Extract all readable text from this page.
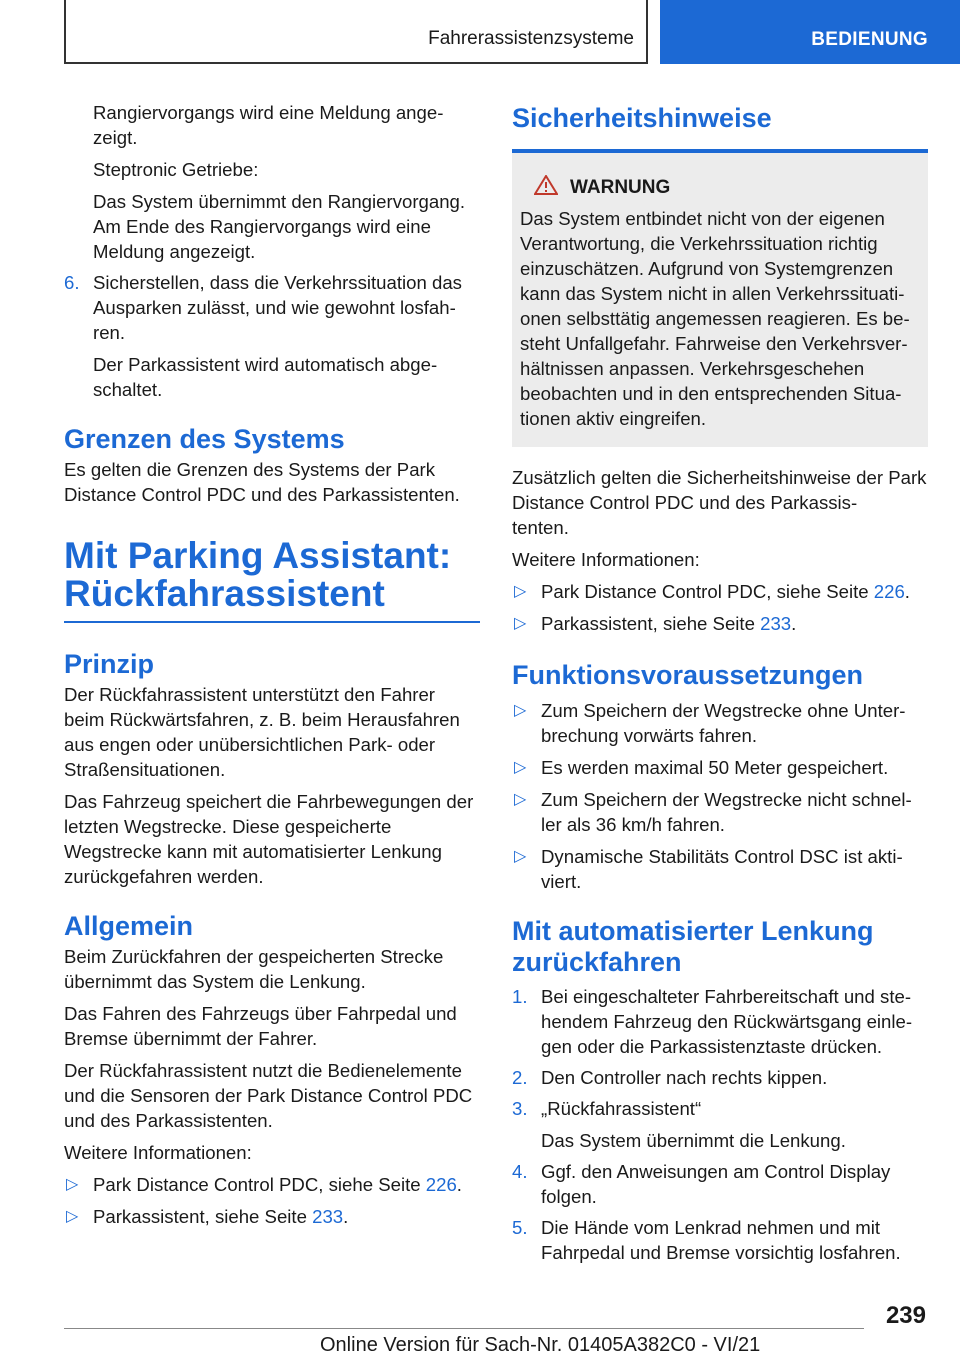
Fahrerassistenzsysteme	BEDIENUNG

Rangiervorgangs wird eine Meldung ange-
zeigt.

Steptronic Getriebe:

Das System übernimmt den Rangiervorgang. Am Ende des Rangiervorgangs wird eine Meldung angezeigt.

6. Sicherstellen, dass die Verkehrssituation das Ausparken zulässt, und wie gewohnt losfah-
ren.

Der Parkassistent wird automatisch abge-
schaltet.

Grenzen des Systems

Es gelten die Grenzen des Systems der Park Distance Control PDC und des Parkassistenten.

Mit Parking Assistant: Rückfahrassistent
Prinzip

Der Rückfahrassistent unterstützt den Fahrer beim Rückwärtsfahren, z. B. beim Herausfahren aus engen oder unübersichtlichen Park- oder Straßensituationen.

Das Fahrzeug speichert die Fahrbewegungen der letzten Wegstrecke. Diese gespeicherte Wegstrecke kann mit automatisierter Lenkung zurückgefahren werden.

Allgemein

Beim Zurückfahren der gespeicherten Strecke übernimmt das System die Lenkung.

Das Fahren des Fahrzeugs über Fahrpedal und Bremse übernimmt der Fahrer.

Der Rückfahrassistent nutzt die Bedienelemente und die Sensoren der Park Distance Control PDC und des Parkassistenten.

Weitere Informationen:

▷ Park Distance Control PDC, siehe Seite 226.
▷ Parkassistent, siehe Seite 233.
Sicherheitshinweise
WARNUNG

Das System entbindet nicht von der eigenen Verantwortung, die Verkehrssituation richtig einzuschätzen. Aufgrund von Systemgrenzen kann das System nicht in allen Verkehrssituati-
onen selbsttätig angemessen reagieren. Es be-
steht Unfallgefahr. Fahrweise den Verkehrsver-
hältnissen anpassen. Verkehrsgeschehen beobachten und in den entsprechenden Situa-
tionen aktiv eingreifen.

Zusätzlich gelten die Sicherheitshinweise der Park Distance Control PDC und des Parkassis-
tenten.

Weitere Informationen:

▷ Park Distance Control PDC, siehe Seite 226.
▷ Parkassistent, siehe Seite 233.
Funktionsvoraussetzungen
▷ Zum Speichern der Wegstrecke ohne Unter-
brechung vorwärts fahren.
▷ Es werden maximal 50 Meter gespeichert.
▷ Zum Speichern der Wegstrecke nicht schnel-
ler als 36 km/h fahren.
▷ Dynamische Stabilitäts Control DSC ist akti-
viert.
Mit automatisierter Lenkung zurückfahren
1. Bei eingeschalteter Fahrbereitschaft und ste-
hendem Fahrzeug den Rückwärtsgang einle-
gen oder die Parkassistenztaste drücken.

2. Den Controller nach rechts kippen.

3. „Rückfahrassistent“

Das System übernimmt die Lenkung.

4. Ggf. den Anweisungen am Control Display folgen.

5. Die Hände vom Lenkrad nehmen und mit Fahrpedal und Bremse vorsichtig losfahren.

239
Online Version für Sach-Nr. 01405A382C0 - VI/21
